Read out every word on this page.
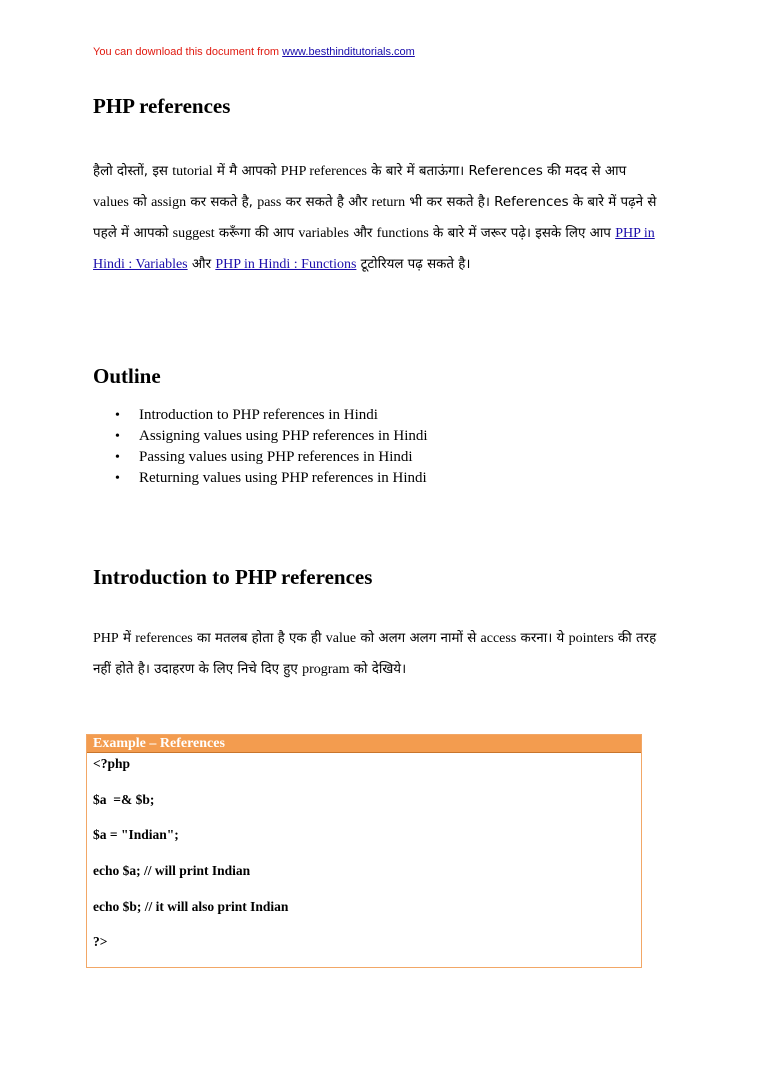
You can download this document from www.besthinditutorials.com
PHP references
हैलो दोस्तों, इस tutorial में मै आपको PHP references के बारे में बताऊंगा। References की मदद से आप values को assign कर सकते है, pass कर सकते है और return भी कर सकते है। References के बारे में पढ़ने से पहले में आपको suggest करूँगा की आप variables और functions के बारे में जरूर पढ़े। इसके लिए आप PHP in Hindi : Variables और PHP in Hindi : Functions टूटोरियल पढ़ सकते है।
Outline
• Introduction to PHP references in Hindi
• Assigning values using PHP references in Hindi
• Passing values using PHP references in Hindi
• Returning values using PHP references in Hindi
Introduction to PHP references
PHP में references का मतलब होता है एक ही value को अलग अलग नामों से access करना। ये pointers की तरह नहीं होते है। उदाहरण के लिए निचे दिए हुए program को देखिये।
Example – References

<?php

$a  =& $b;

$a = "Indian";

echo $a; // will print Indian

echo $b; // it will also print Indian

?>
